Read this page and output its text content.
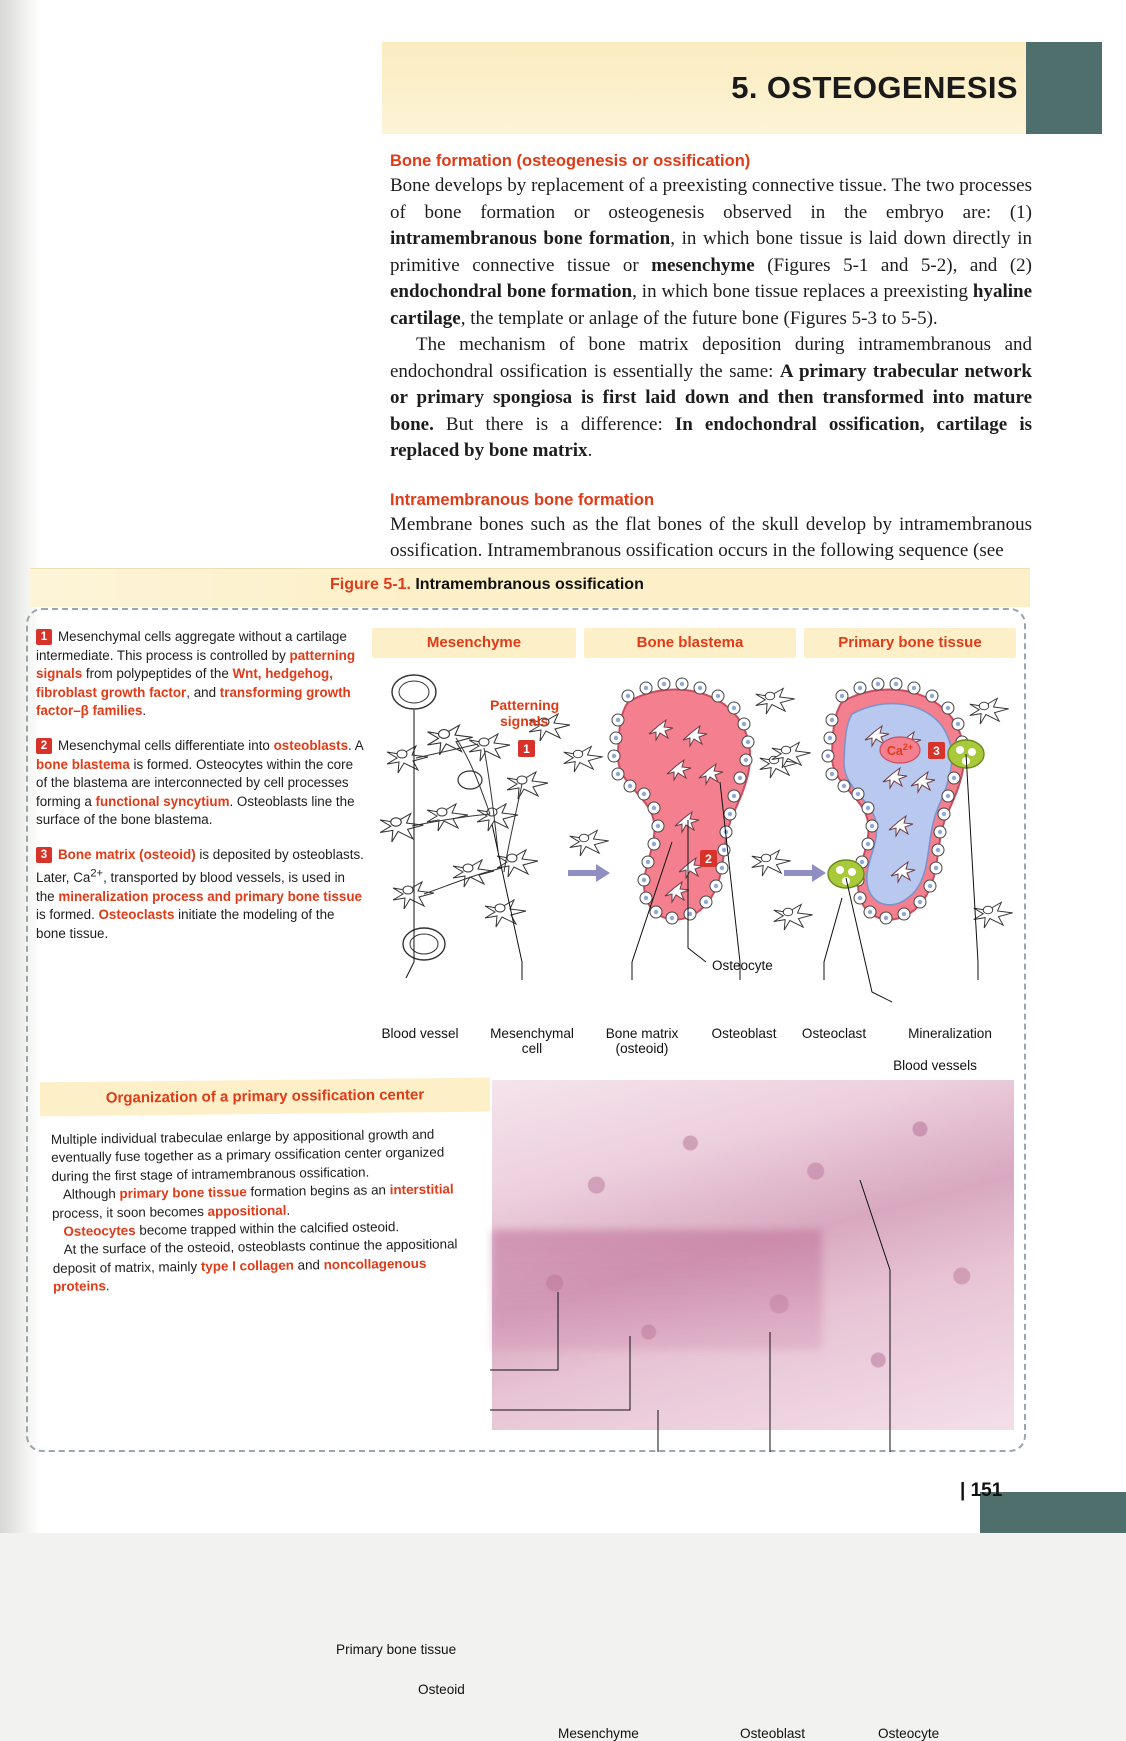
5. OSTEOGENESIS
Bone formation (osteogenesis or ossification)

Bone develops by replacement of a preexisting connective tissue. The two processes of bone formation or osteogenesis observed in the embryo are: (1) intramembranous bone formation, in which bone tissue is laid down directly in primitive connective tissue or mesenchyme (Figures 5-1 and 5-2), and (2) endochondral bone formation, in which bone tissue replaces a preexisting hyaline cartilage, the template or anlage of the future bone (Figures 5-3 to 5-5).

The mechanism of bone matrix deposition during intramembranous and endochondral ossification is essentially the same: A primary trabecular network or primary spongiosa is first laid down and then transformed into mature bone. But there is a difference: In endochondral ossification, cartilage is replaced by bone matrix.

Intramembranous bone formation

Membrane bones such as the flat bones of the skull develop by intramembranous ossification. Intramembranous ossification occurs in the following sequence (see

Figure 5-1. Intramembranous ossification
1 Mesenchymal cells aggregate without a cartilage intermediate. This process is controlled by patterning signals from polypeptides of the Wnt, hedgehog, fibroblast growth factor, and transforming growth factor–β families.
2 Mesenchymal cells differentiate into osteoblasts. A bone blastema is formed. Osteocytes within the core of the blastema are interconnected by cell processes forming a functional syncytium. Osteoblasts line the surface of the bone blastema.
3 Bone matrix (osteoid) is deposited by osteoblasts. Later, $Ca^{2+}$, transported by blood vessels, is used in the mineralization process and primary bone tissue is formed. Osteoclasts initiate the modeling of the bone tissue.
Mesenchyme	Bone blastema	Primary bone tissue
Patterning
signals
1
2
Osteocyte
$Ca^{2+}$ 3
Blood vessel	Mesenchymal
cell
Bone matrix
(osteoid)
Osteoblast	Osteoclast	Mineralization
Blood vessels
Organization of a primary ossification center
Multiple individual trabeculae enlarge by appositional growth and eventually fuse together as a primary ossification center organized during the first stage of intramembranous ossification.
Although primary bone tissue formation begins as an interstitial process, it soon becomes appositional.
Osteocytes become trapped within the calcified osteoid.
At the surface of the osteoid, osteoblasts continue the appositional deposit of matrix, mainly type I collagen and noncollagenous proteins.
Primary bone tissue
Osteoid
Mesenchyme	Osteoblast	Osteocyte
| 151
